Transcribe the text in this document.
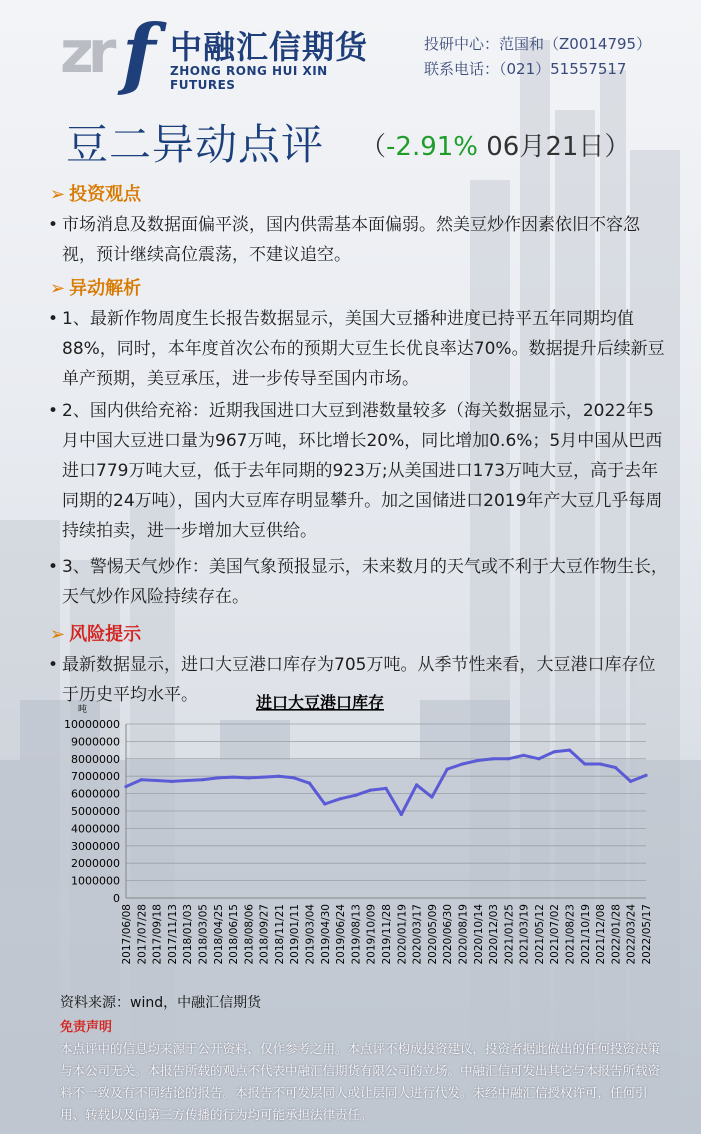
zr f 中融汇信期货
ZHONG RONG HUI XIN FUTURES
投研中心：范国和（Z0014795）
联系电话：（021）51557517
豆二异动点评 （-2.91% 06月21日）
➢ 投资观点
• 市场消息及数据面偏平淡，国内供需基本面偏弱。然美豆炒作因素依旧不容忽视，预计继续高位震荡，不建议追空。
➢ 异动解析
• 1、最新作物周度生长报告数据显示，美国大豆播种进度已持平五年同期均值88%，同时，本年度首次公布的预期大豆生长优良率达70%。数据提升后续新豆单产预期，美豆承压，进一步传导至国内市场。
• 2、国内供给充裕：近期我国进口大豆到港数量较多（海关数据显示，2022年5月中国大豆进口量为967万吨，环比增长20%，同比增加0.6%；5月中国从巴西进口779万吨大豆，低于去年同期的923万;从美国进口173万吨大豆，高于去年同期的24万吨），国内大豆库存明显攀升。加之国储进口2019年产大豆几乎每周持续拍卖，进一步增加大豆供给。
• 3、警惕天气炒作：美国气象预报显示，未来数月的天气或不利于大豆作物生长，天气炒作风险持续存在。
➢ 风险提示
• 最新数据显示，进口大豆港口库存为705万吨。从季节性来看，大豆港口库存位于历史平均水平。	进口大豆港口库存
吨
0
1000000
2000000
3000000
4000000
5000000
6000000
7000000
8000000
9000000
10000000
2017/06/08 2017/07/28 2017/09/18 2017/11/13 2018/01/03 2018/03/05 2018/04/25 2018/06/15 2018/08/06 2018/09/27 2018/11/21 2019/01/11 2019/03/04 2019/04/30 2019/06/24 2019/08/13 2019/10/09 2019/11/28 2020/01/19 2020/03/17 2020/05/09 2020/06/30 2020/08/19 2020/10/14 2020/12/03 2021/01/25 2021/03/19 2021/05/12 2021/07/02 2021/08/23 2021/10/19 2021/12/08 2022/01/28 2022/03/24 2022/05/17
资料来源：wind，中融汇信期货
免责声明
本点评中的信息均来源于公开资料，仅作参考之用。本点评不构成投资建议，投资者据此做出的任何投资决策与本公司无关。本报告所载的观点不代表中融汇信期货有限公司的立场。中融汇信可发出其它与本报告所载资料不一致及有不同结论的报告。本报告不可发层同人或让层同人进行代发。未经中融汇信授权许可，任何引用、转载以及向第三方传播的行为均可能承担法律责任。
